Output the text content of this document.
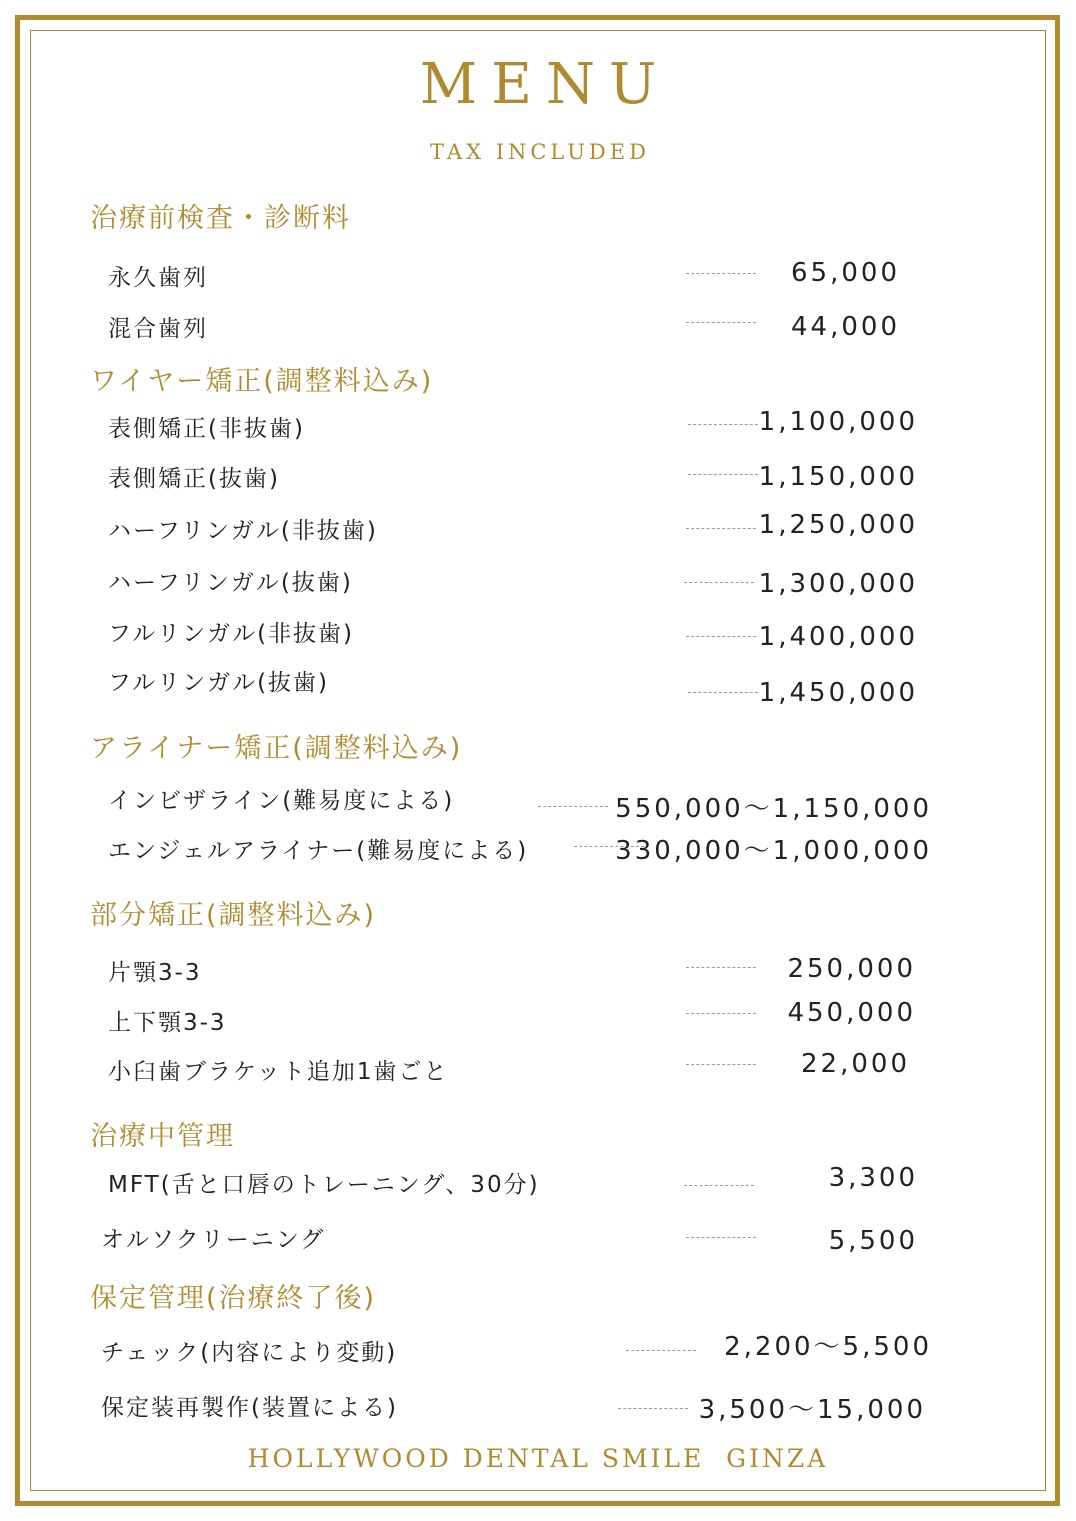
MENU
TAX INCLUDED
治療前検査・診断料
永久歯列	65,000
混合歯列	44,000
ワイヤー矯正(調整料込み)
表側矯正(非抜歯)	1,100,000
表側矯正(抜歯)	1,150,000
ハーフリンガル(非抜歯)	1,250,000
ハーフリンガル(抜歯)	1,300,000
フルリンガル(非抜歯)	1,400,000
フルリンガル(抜歯)	1,450,000
アライナー矯正(調整料込み)
インビザライン(難易度による)	550,000〜1,150,000
エンジェルアライナー(難易度による)	330,000〜1,000,000
部分矯正(調整料込み)
片顎3-3	250,000
上下顎3-3	450,000
小臼歯ブラケット追加1歯ごと	22,000
治療中管理
MFT(舌と口唇のトレーニング、30分)	3,300
オルソクリーニング	5,500
保定管理(治療終了後)
チェック(内容により変動)	2,200〜5,500
保定装再製作(装置による)	3,500〜15,000
HOLLYWOOD DENTAL SMILE  GINZA
